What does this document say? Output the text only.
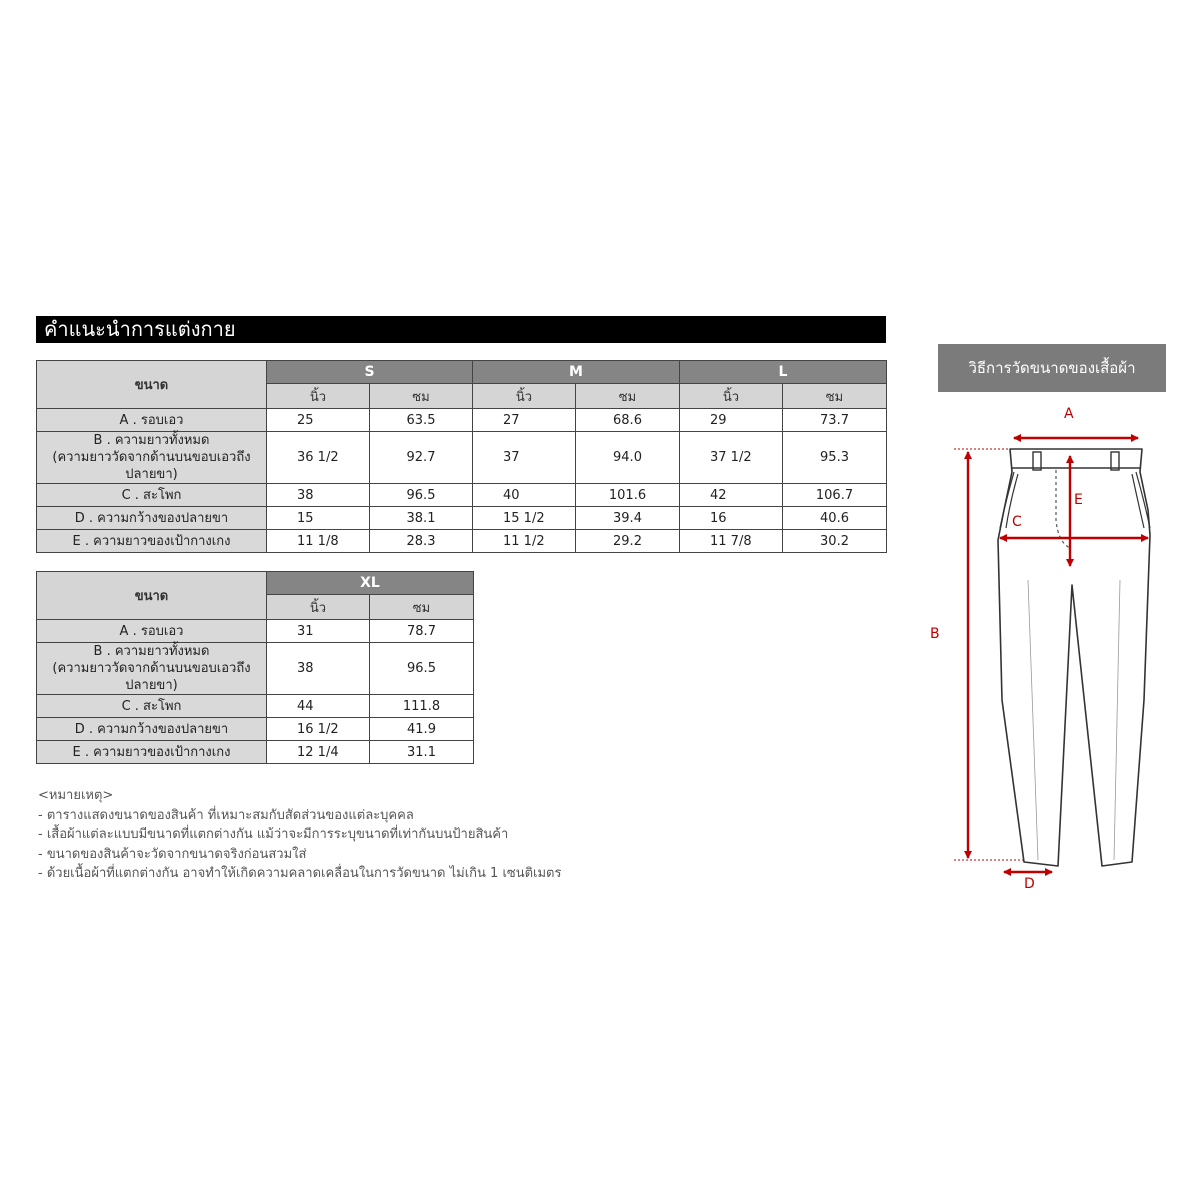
คำแนะนำการแต่งกาย
ขนาด	S		M		L	
	นิ้ว	ซม	นิ้ว	ซม	นิ้ว	ซม
A . รอบเอว	25	63.5	27	68.6	29	73.7

B . ความยาวทั้งหมด
(ความยาววัดจากด้านบนขอบเอวถึง
ปลายขา)	36 1/2	92.7	37	94.0	37 1/2	95.3
C . สะโพก	38	96.5	40	101.6	42	106.7
D . ความกว้างของปลายขา	15	38.1	15 1/2	39.4	16	40.6
E . ความยาวของเป้ากางเกง	11 1/8	28.3	11 1/2	29.2	11 7/8	30.2
ขนาด	XL	
	นิ้ว	ซม
A . รอบเอว	31	78.7

B . ความยาวทั้งหมด
(ความยาววัดจากด้านบนขอบเอวถึง
ปลายขา)	38	96.5
C . สะโพก	44	111.8
D . ความกว้างของปลายขา	16 1/2	41.9
E . ความยาวของเป้ากางเกง	12 1/4	31.1
<หมายเหตุ>
- ตารางแสดงขนาดของสินค้า ที่เหมาะสมกับสัดส่วนของแต่ละบุคคล
- เสื้อผ้าแต่ละแบบมีขนาดที่แตกต่างกัน แม้ว่าจะมีการระบุขนาดที่เท่ากันบนป้ายสินค้า
- ขนาดของสินค้าจะวัดจากขนาดจริงก่อนสวมใส่
- ด้วยเนื้อผ้าที่แตกต่างกัน อาจทำให้เกิดความคลาดเคลื่อนในการวัดขนาด ไม่เกิน 1 เซนติเมตร
วิธีการวัดขนาดของเสื้อผ้า
A
C
E
B
D
